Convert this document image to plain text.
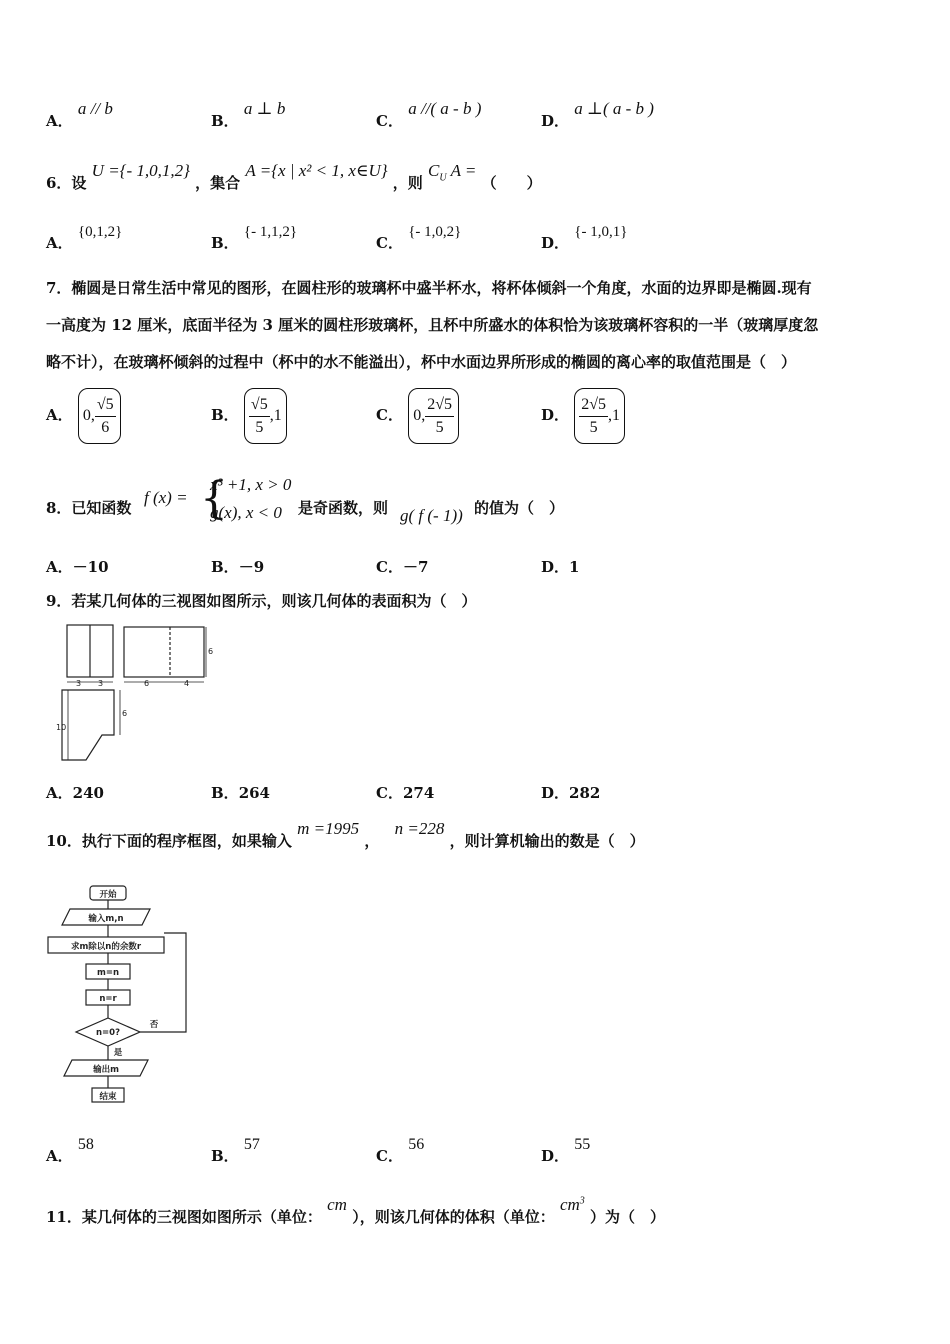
A． a // b
B． a ⊥ b
C． a //( a - b )
D． a ⊥( a - b )
6．设 U ={- 1,0,1,2} ，集合 A ={x | x² < 1, x∈U} ，则 $C_U$ A = （　　）
A． {0,1,2}
B． {- 1,1,2}
C． {- 1,0,2}
D． {- 1,0,1}
7．椭圆是日常生活中常见的图形，在圆柱形的玻璃杯中盛半杯水，将杯体倾斜一个角度，水面的边界即是椭圆.现有
一高度为 12 厘米，底面半径为 3 厘米的圆柱形玻璃杯，且杯中所盛水的体积恰为该玻璃杯容积的一半（玻璃厚度忽
略不计），在玻璃杯倾斜的过程中（杯中的水不能溢出），杯中水面边界所形成的椭圆的离心率的取值范围是（　）
A． 0, $\frac{√5}{6}$	B． $\frac{√5}{5} ,1$	C． 0, $\frac{2√5}{5}$	D． $\frac{2√5}{5} ,1$
8．已知函数
f (x) = {
x³ +1, x > 0
g(x), x < 0 是奇函数，则 g( f (- 1)) 的值为（　）
A．－10	B．－9	C．－7	D．1
9．若某几何体的三视图如图所示，则该几何体的表面积为（　）
3 3	6	4
6
10
6
A．240	B．264	C．274	D．282
10．执行下面的程序框图，如果输入 m =1995 ， n =228 ，则计算机输出的数是（　）
开始
输入m,n
求m除以n的余数r
m=n
n=r
n=0?
否
是
输出m
结束
A． 58
B． 57
C． 56
D． 55
11．某几何体的三视图如图所示（单位： cm ），则该几何体的体积（单位： $cm^3$ ）为（　）
